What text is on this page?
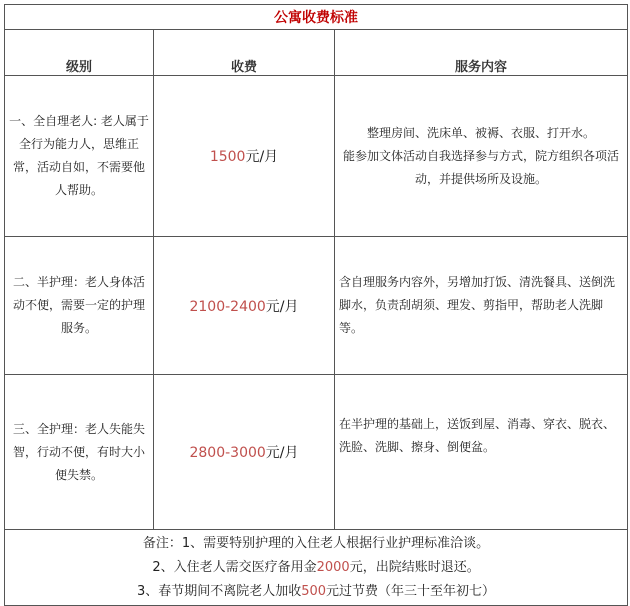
公寓收费标准		
级别	收费	服务内容
一、全自理老人: 老人属于全行为能力人，思维正常，活动自如，不需要他人帮助。	1500元/月	整理房间、洗床单、被褥、衣服、打开水。
能参加文体活动自我选择参与方式，院方组织各项活动，并提供场所及设施。

二、半护理：老人身体活动不便，需要一定的护理服务。	2100-2400元/月	含自理服务内容外，另增加打饭、清洗餐具、送倒洗脚水，负责刮胡须、理发、剪指甲，帮助老人洗脚等。

三、全护理：老人失能失智，行动不便，有时大小便失禁。	2800-3000元/月	在半护理的基础上，送饭到屋、消毒、穿衣、脱衣、洗脸、洗脚、擦身、倒便盆。

备注：1、需要特别护理的入住老人根据行业护理标准洽谈。
2、入住老人需交医疗备用金2000元，出院结账时退还。
3、春节期间不离院老人加收500元过节费（年三十至年初七）		
